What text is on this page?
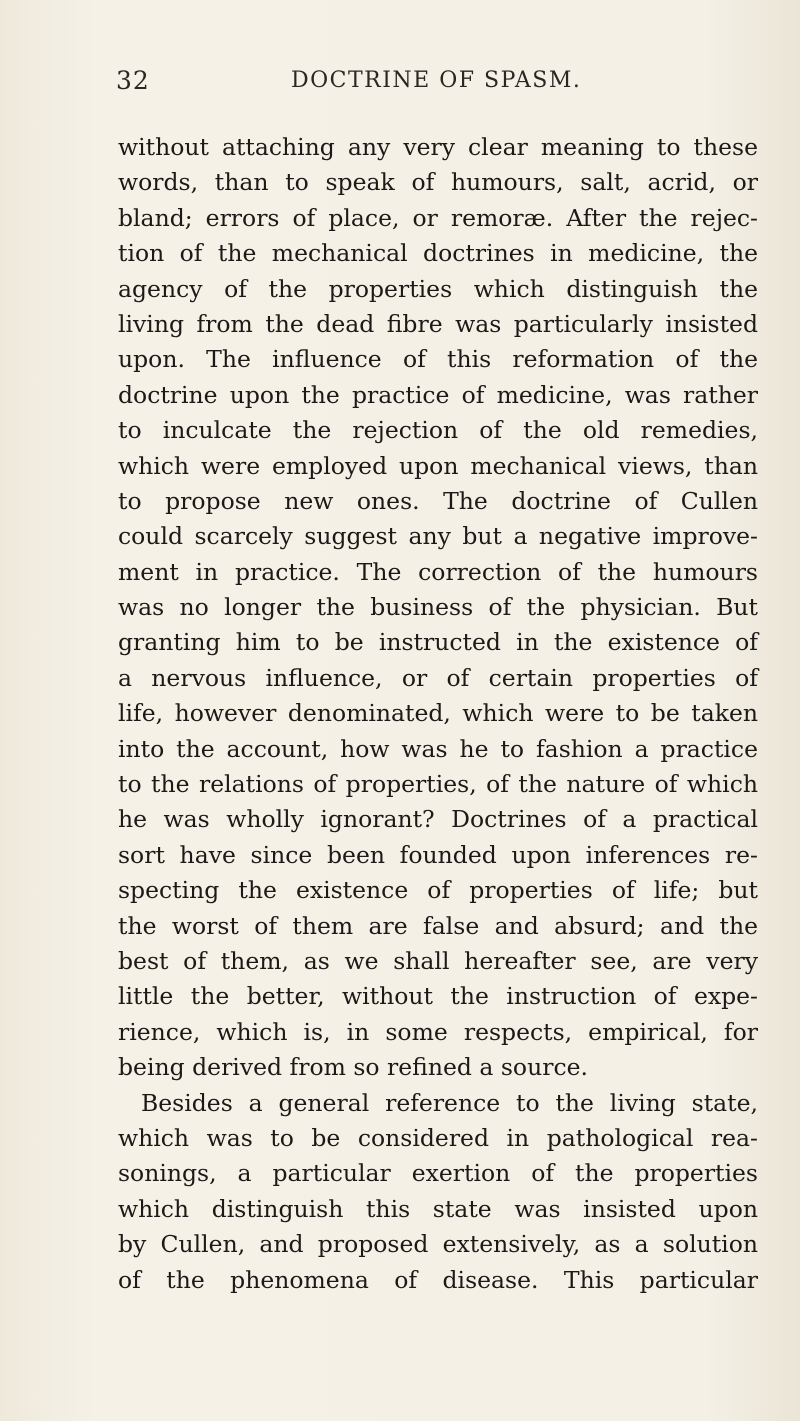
32	DOCTRINE OF SPASM.
without attaching any very clear meaning to these
words, than to speak of humours, salt, acrid, or
bland; errors of place, or remoræ. After the rejec-
tion of the mechanical doctrines in medicine, the
agency of the properties which distinguish the
living from the dead fibre was particularly insisted
upon. The influence of this reformation of the
doctrine upon the practice of medicine, was rather
to inculcate the rejection of the old remedies,
which were employed upon mechanical views, than
to propose new ones. The doctrine of Cullen
could scarcely suggest any but a negative improve-
ment in practice. The correction of the humours
was no longer the business of the physician. But
granting him to be instructed in the existence of
a nervous influence, or of certain properties of
life, however denominated, which were to be taken
into the account, how was he to fashion a practice
to the relations of properties, of the nature of which
he was wholly ignorant? Doctrines of a practical
sort have since been founded upon inferences re-
specting the existence of properties of life; but
the worst of them are false and absurd; and the
best of them, as we shall hereafter see, are very
little the better, without the instruction of expe-
rience, which is, in some respects, empirical, for
being derived from so refined a source.
Besides a general reference to the living state,
which was to be considered in pathological rea-
sonings, a particular exertion of the properties
which distinguish this state was insisted upon
by Cullen, and proposed extensively, as a solution
of the phenomena of disease. This particular
